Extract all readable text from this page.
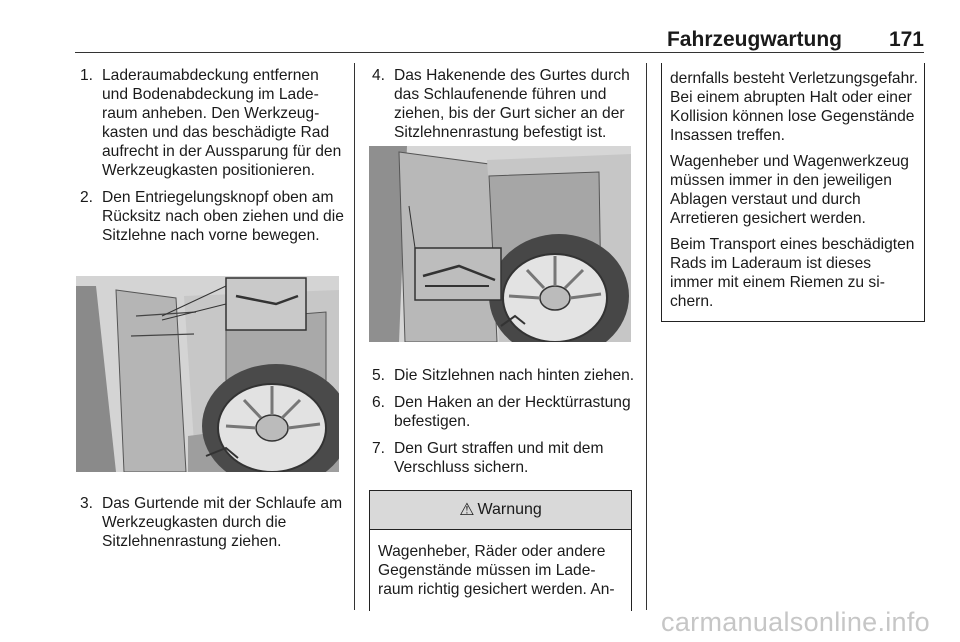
Fahrzeugwartung 171
1. Laderaumabdeckung entfernen und Bodenabdeckung im Laderaum anheben. Den Werkzeugkasten und das beschädigte Rad aufrecht in der Aussparung für den Werkzeugkasten positionieren.
2. Den Entriegelungsknopf oben am Rücksitz nach oben ziehen und die Sitzlehne nach vorne bewegen.
3. Das Gurtende mit der Schlaufe am Werkzeugkasten durch die Sitzlehnenrastung ziehen.
4. Das Hakenende des Gurtes durch das Schlaufenende führen und ziehen, bis der Gurt sicher an der Sitzlehnenrastung befestigt ist.
5. Die Sitzlehnen nach hinten ziehen.
6. Den Haken an der Hecktürrastung befestigen.
7. Den Gurt straffen und mit dem Verschluss sichern.
⚠ Warnung
Wagenheber, Räder oder andere Gegenstände müssen im Laderaum richtig gesichert werden. An-

dernfalls besteht Verletzungsgefahr. Bei einem abrupten Halt oder einer Kollision können lose Gegenstände Insassen treffen.

Wagenheber und Wagenwerkzeug müssen immer in den jeweiligen Ablagen verstaut und durch Arretieren gesichert werden.

Beim Transport eines beschädigten Rads im Laderaum ist dieses immer mit einem Riemen zu sichern.

carmanualsonline.info
